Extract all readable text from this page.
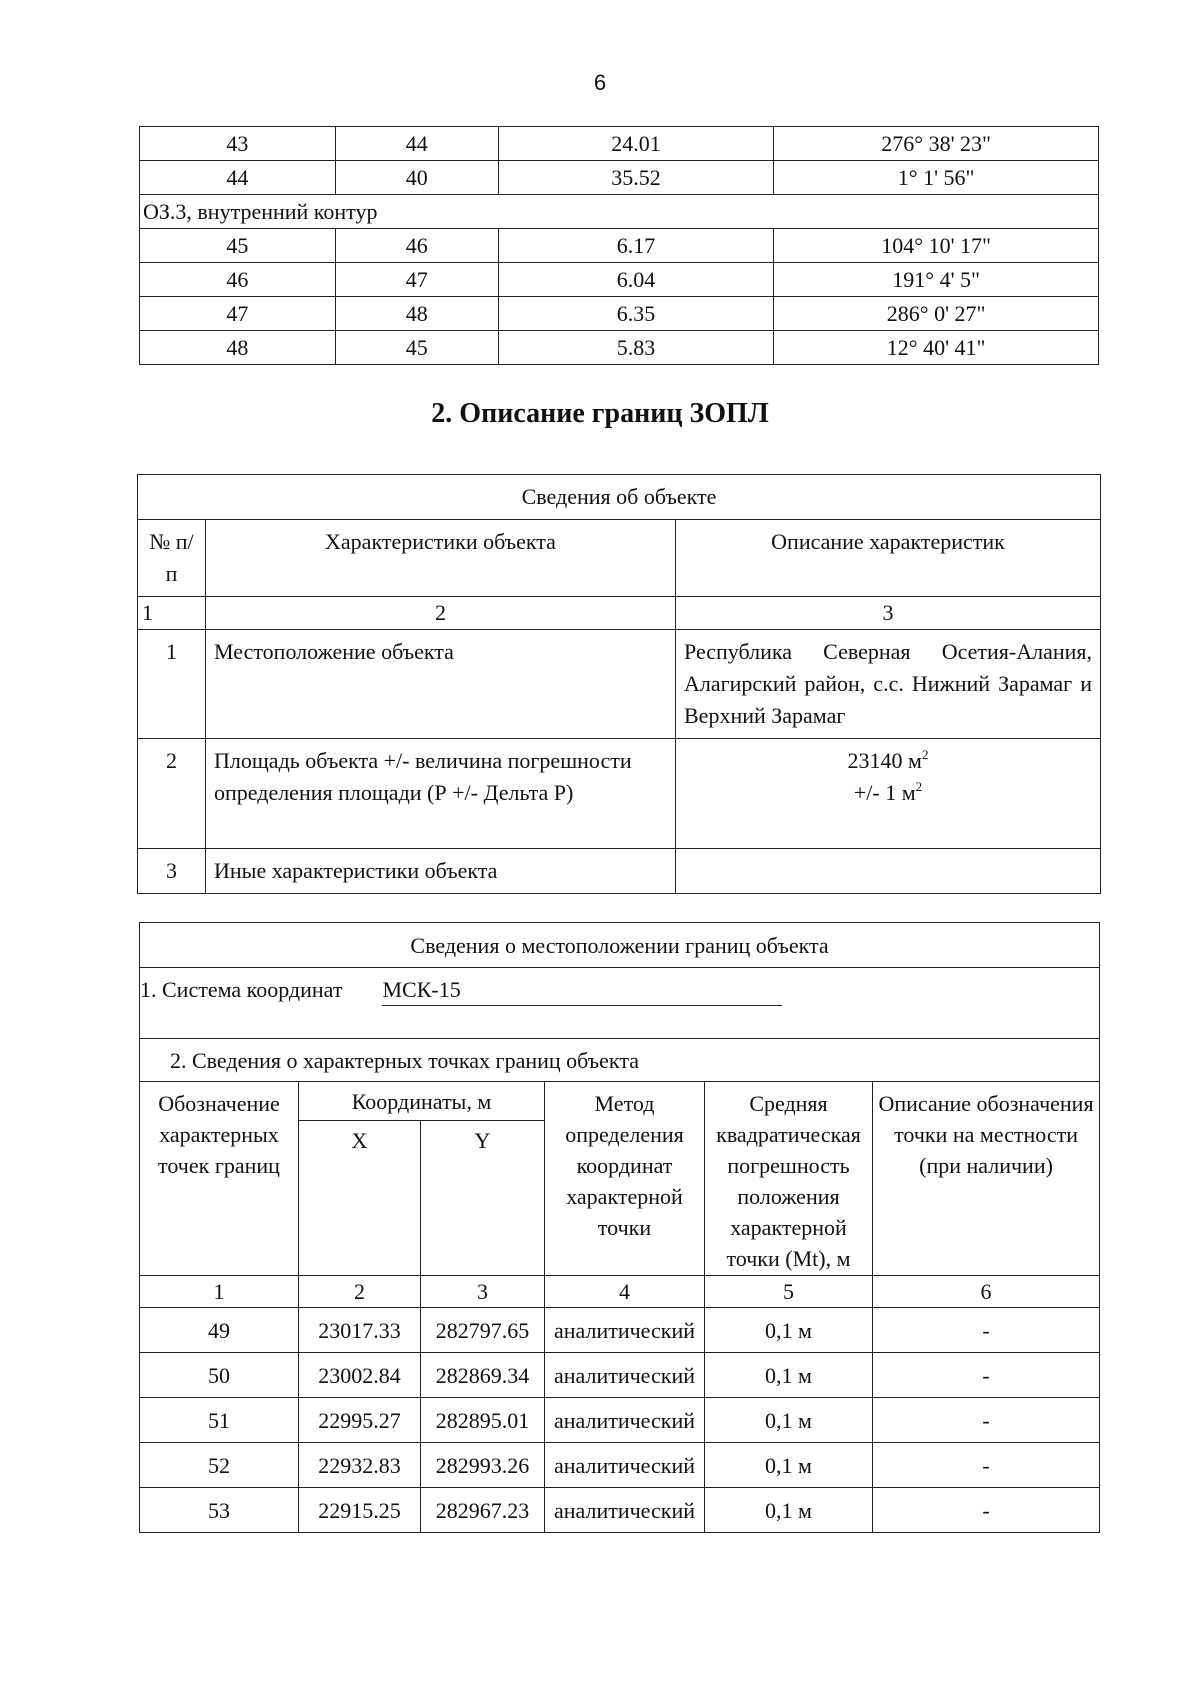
6
43	44	24.01	276° 38' 23"
44	40	35.52	1° 1' 56"
ОЗ.3, внутренний контур			
45	46	6.17	104° 10' 17"
46	47	6.04	191° 4' 5"
47	48	6.35	286° 0' 27"
48	45	5.83	12° 40' 41"
2. Описание границ ЗОПЛ
Сведения об объекте		
№ п/п	Характеристики объекта	Описание характеристик
1	2	3
1	Местоположение объекта	Республика Северная Осетия-Алания, Алагирский район, с.с. Нижний Зарамаг и Верхний Зарамаг
2	Площадь объекта +/- величина погрешности определения площади (Р +/- Дельта Р)	23140 $м^2$
+/- 1 $м^2$

3	Иные характеристики объекта	
Сведения о местоположении границ объекта					

1. Система координат МСК-15					

2. Сведения о характерных точках границ объекта					
Обозначение характерных точек границ	Координаты, м		Метод определения координат характерной точки	Средняя квадратическая погрешность положения характерной точки (Mt), м	Описание обозначения точки на местности (при наличии)
	X	Y			
1	2	3	4	5	6
49	23017.33	282797.65	аналитический	0,1 м	-
50	23002.84	282869.34	аналитический	0,1 м	-
51	22995.27	282895.01	аналитический	0,1 м	-
52	22932.83	282993.26	аналитический	0,1 м	-
53	22915.25	282967.23	аналитический	0,1 м	-
